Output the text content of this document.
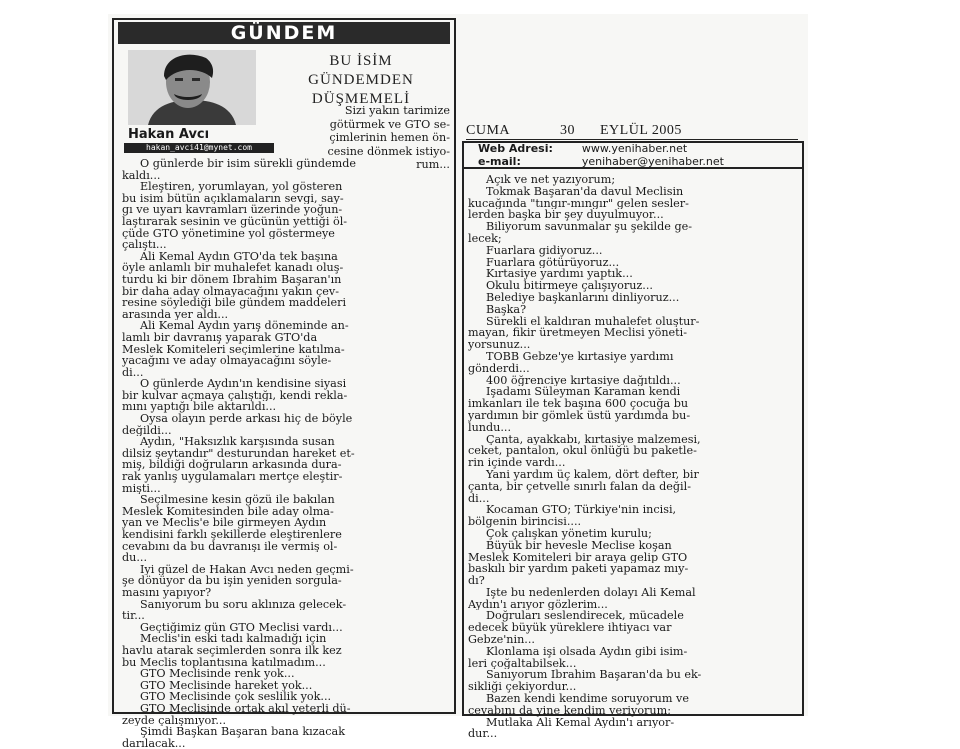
GÜNDEM
Hakan Avcı
hakan_avci41@mynet.com
BU İSİM
GÜNDEMDEN
DÜŞMEMELİ
Sizi yakın tarimize
götürmek ve GTO se-
çimlerinin hemen ön-
cesine dönmek istiyo-
rum...
O günlerde bir isim sürekli gündemde
kaldı...
Eleştiren, yorumlayan, yol gösteren
bu isim bütün açıklamaların sevgi, say-
gı ve uyarı kavramları üzerinde yoğun-
laştırarak sesinin ve gücünün yettiği öl-
çüde GTO yönetimine yol göstermeye
çalıştı...
Ali Kemal Aydın GTO'da tek başına
öyle anlamlı bir muhalefet kanadı oluş-
turdu ki bir dönem İbrahim Başaran'ın
bir daha aday olmayacağını yakın çev-
resine söylediği bile gündem maddeleri
arasında yer aldı...
Ali Kemal Aydın yarış döneminde an-
lamlı bir davranış yaparak GTO'da
Meslek Komiteleri seçimlerine katılma-
yacağını ve aday olmayacağını söyle-
di...
O günlerde Aydın'ın kendisine siyasi
bir kulvar açmaya çalıştığı, kendi rekla-
mını yaptığı bile aktarıldı...
Oysa olayın perde arkası hiç de böyle
değildi...
Aydın, "Haksızlık karşısında susan
dilsiz şeytandır" desturundan hareket et-
miş, bildiği doğruların arkasında dura-
rak yanlış uygulamaları mertçe eleştir-
mişti...
Seçilmesine kesin gözü ile bakılan
Meslek Komitesinden bile aday olma-
yan ve Meclis'e bile girmeyen Aydın
kendisini farklı şekillerde eleştirenlere
cevabını da bu davranışı ile vermiş ol-
du...
İyi güzel de Hakan Avcı neden geçmi-
şe dönüyor da bu işin yeniden sorgula-
masını yapıyor?
Sanıyorum bu soru aklınıza gelecek-
tir...
Geçtiğimiz gün GTO Meclisi vardı...
Meclis'in eski tadı kalmadığı için
havlu atarak seçimlerden sonra ilk kez
bu Meclis toplantısına katılmadım...
GTO Meclisinde renk yok...
GTO Meclisinde hareket yok...
GTO Meclisinde çok seslilik yok...
GTO Meclisinde ortak akıl yeterli dü-
zeyde çalışmıyor...
Şimdi Başkan Başaran bana kızacak
darılacak...
CUMA	30 EYLÜL 2005
Web Adresi:	www.yenihaber.net
e-mail:	yenihaber@yenihaber.net
Açık ve net yazıyorum;
Tokmak Başaran'da davul Meclisin
kucağında "tıngır-mıngır" gelen sesler-
lerden başka bir şey duyulmuyor...
Biliyorum savunmalar şu şekilde ge-
lecek;
Fuarlara gidiyoruz...
Fuarlara götürüyoruz...
Kırtasiye yardımı yaptık...
Okulu bitirmeye çalışıyoruz...
Belediye başkanlarını dinliyoruz...
Başka?
Sürekli el kaldıran muhalefet oluştur-
mayan, fikir üretmeyen Meclisi yöneti-
yorsunuz...
TOBB Gebze'ye kırtasiye yardımı
gönderdi...
400 öğrenciye kırtasiye dağıtıldı...
İşadamı Süleyman Karaman kendi
imkanları ile tek başına 600 çocuğa bu
yardımın bir gömlek üstü yardımda bu-
lundu...
Çanta, ayakkabı, kırtasiye malzemesi,
ceket, pantalon, okul önlüğü bu paketle-
rin içinde vardı...
Yani yardım üç kalem, dört defter, bir
çanta, bir çetvelle sınırlı falan da değil-
di...
Kocaman GTO; Türkiye'nin incisi,
bölgenin birincisi....
Çok çalışkan yönetim kurulu;
Büyük bir hevesle Meclise koşan
Meslek Komiteleri bir araya gelip GTO
baskılı bir yardım paketi yapamaz mıy-
dı?
İşte bu nedenlerden dolayı Ali Kemal
Aydın'ı arıyor gözlerim...
Doğruları seslendirecek, mücadele
edecek büyük yüreklere ihtiyacı var
Gebze'nin...
Klonlama işi olsada Aydın gibi isim-
leri çoğaltabilsek...
Sanıyorum İbrahim Başaran'da bu ek-
sikliği çekiyordur...
Bazen kendi kendime soruyorum ve
cevabını da yine kendim veriyorum;
Mutlaka Ali Kemal Aydın'ı arıyor-
dur...
